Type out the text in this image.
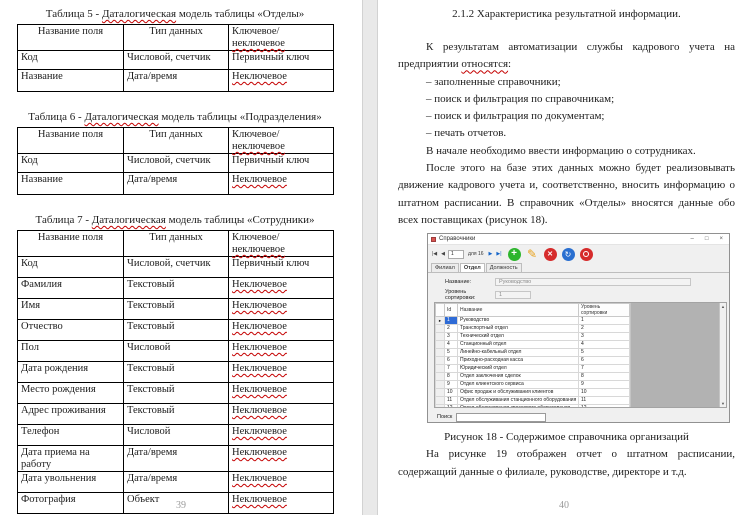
Таблица 5 - Даталогическая модель таблицы «Отделы»
Название поля	Тип данных	Ключевое/неключевое
Код	Числовой, счетчик	Первичный ключ
Название	Дата/время	Неключевое
Таблица 6 - Даталогическая модель таблицы «Подразделения»
Название поля	Тип данных	Ключевое/неключевое
Код	Числовой, счетчик	Первичный ключ
Название	Дата/время	Неключевое
Таблица 7 - Даталогическая модель таблицы «Сотрудники»
Название поля	Тип данных	Ключевое/неключевое
Код	Числовой, счетчик	Первичный ключ
Фамилия	Текстовый	Неключевое
Имя	Текстовый	Неключевое
Отчество	Текстовый	Неключевое
Пол	Числовой	Неключевое
Дата рождения	Текстовый	Неключевое
Место рождения	Текстовый	Неключевое
Адрес проживания	Текстовый	Неключевое
Телефон	Числовой	Неключевое
Дата приема на работу	Дата/время	Неключевое
Дата увольнения	Дата/время	Неключевое
Фотография	Объект	Неключевое
39
2.1.2 Характеристика результатной информации.

К результатам автоматизации службы кадрового учета на предприятии относятся:

– заполненные справочники;
– поиск и фильтрация по справочникам;
– поиск и фильтрация по документам;
– печать отчетов.

В начале необходимо ввести информацию о сотрудниках.

После этого на базе этих данных можно будет реализовывать движение кадрового учета и, соответственно, вносить информацию о штатном расписании. В справочник «Отделы» вносятся данные обо всех поставщиках (рисунок 18).

Справочники	– □ ×
|◀ ◀	1	для 16 ▶ ▶| + ✎ ✕ ↻
Филиал	Отдел	Должность
Название:	Руководство
Уровень сортировки:	1
	Id	Название	Уровень сортировки
▸	1	Руководство	1
	2	Транспортный отдел	2
	3	Технический отдел	3
	4	Станционный отдел	4
	5	Линейно-кабельный отдел	5
	6	Приходно-расходная касса	6
	7	Юридический отдел	7
	8	Отдел заключения сделок	8
	9	Отдел клиентского сервиса	9
	10	Офис продаж и обслуживания клиентов	10
	11	Отдел обслуживания станционного оборудования	11
	12	Отдел обслуживания кроссового оборудования	12

▲
▼
Поиск
Рисунок 18 - Содержимое справочника организаций

На рисунке 19 отображен отчет о штатном расписании, содержащий данные о филиале, руководстве, директоре и т.д.

40
